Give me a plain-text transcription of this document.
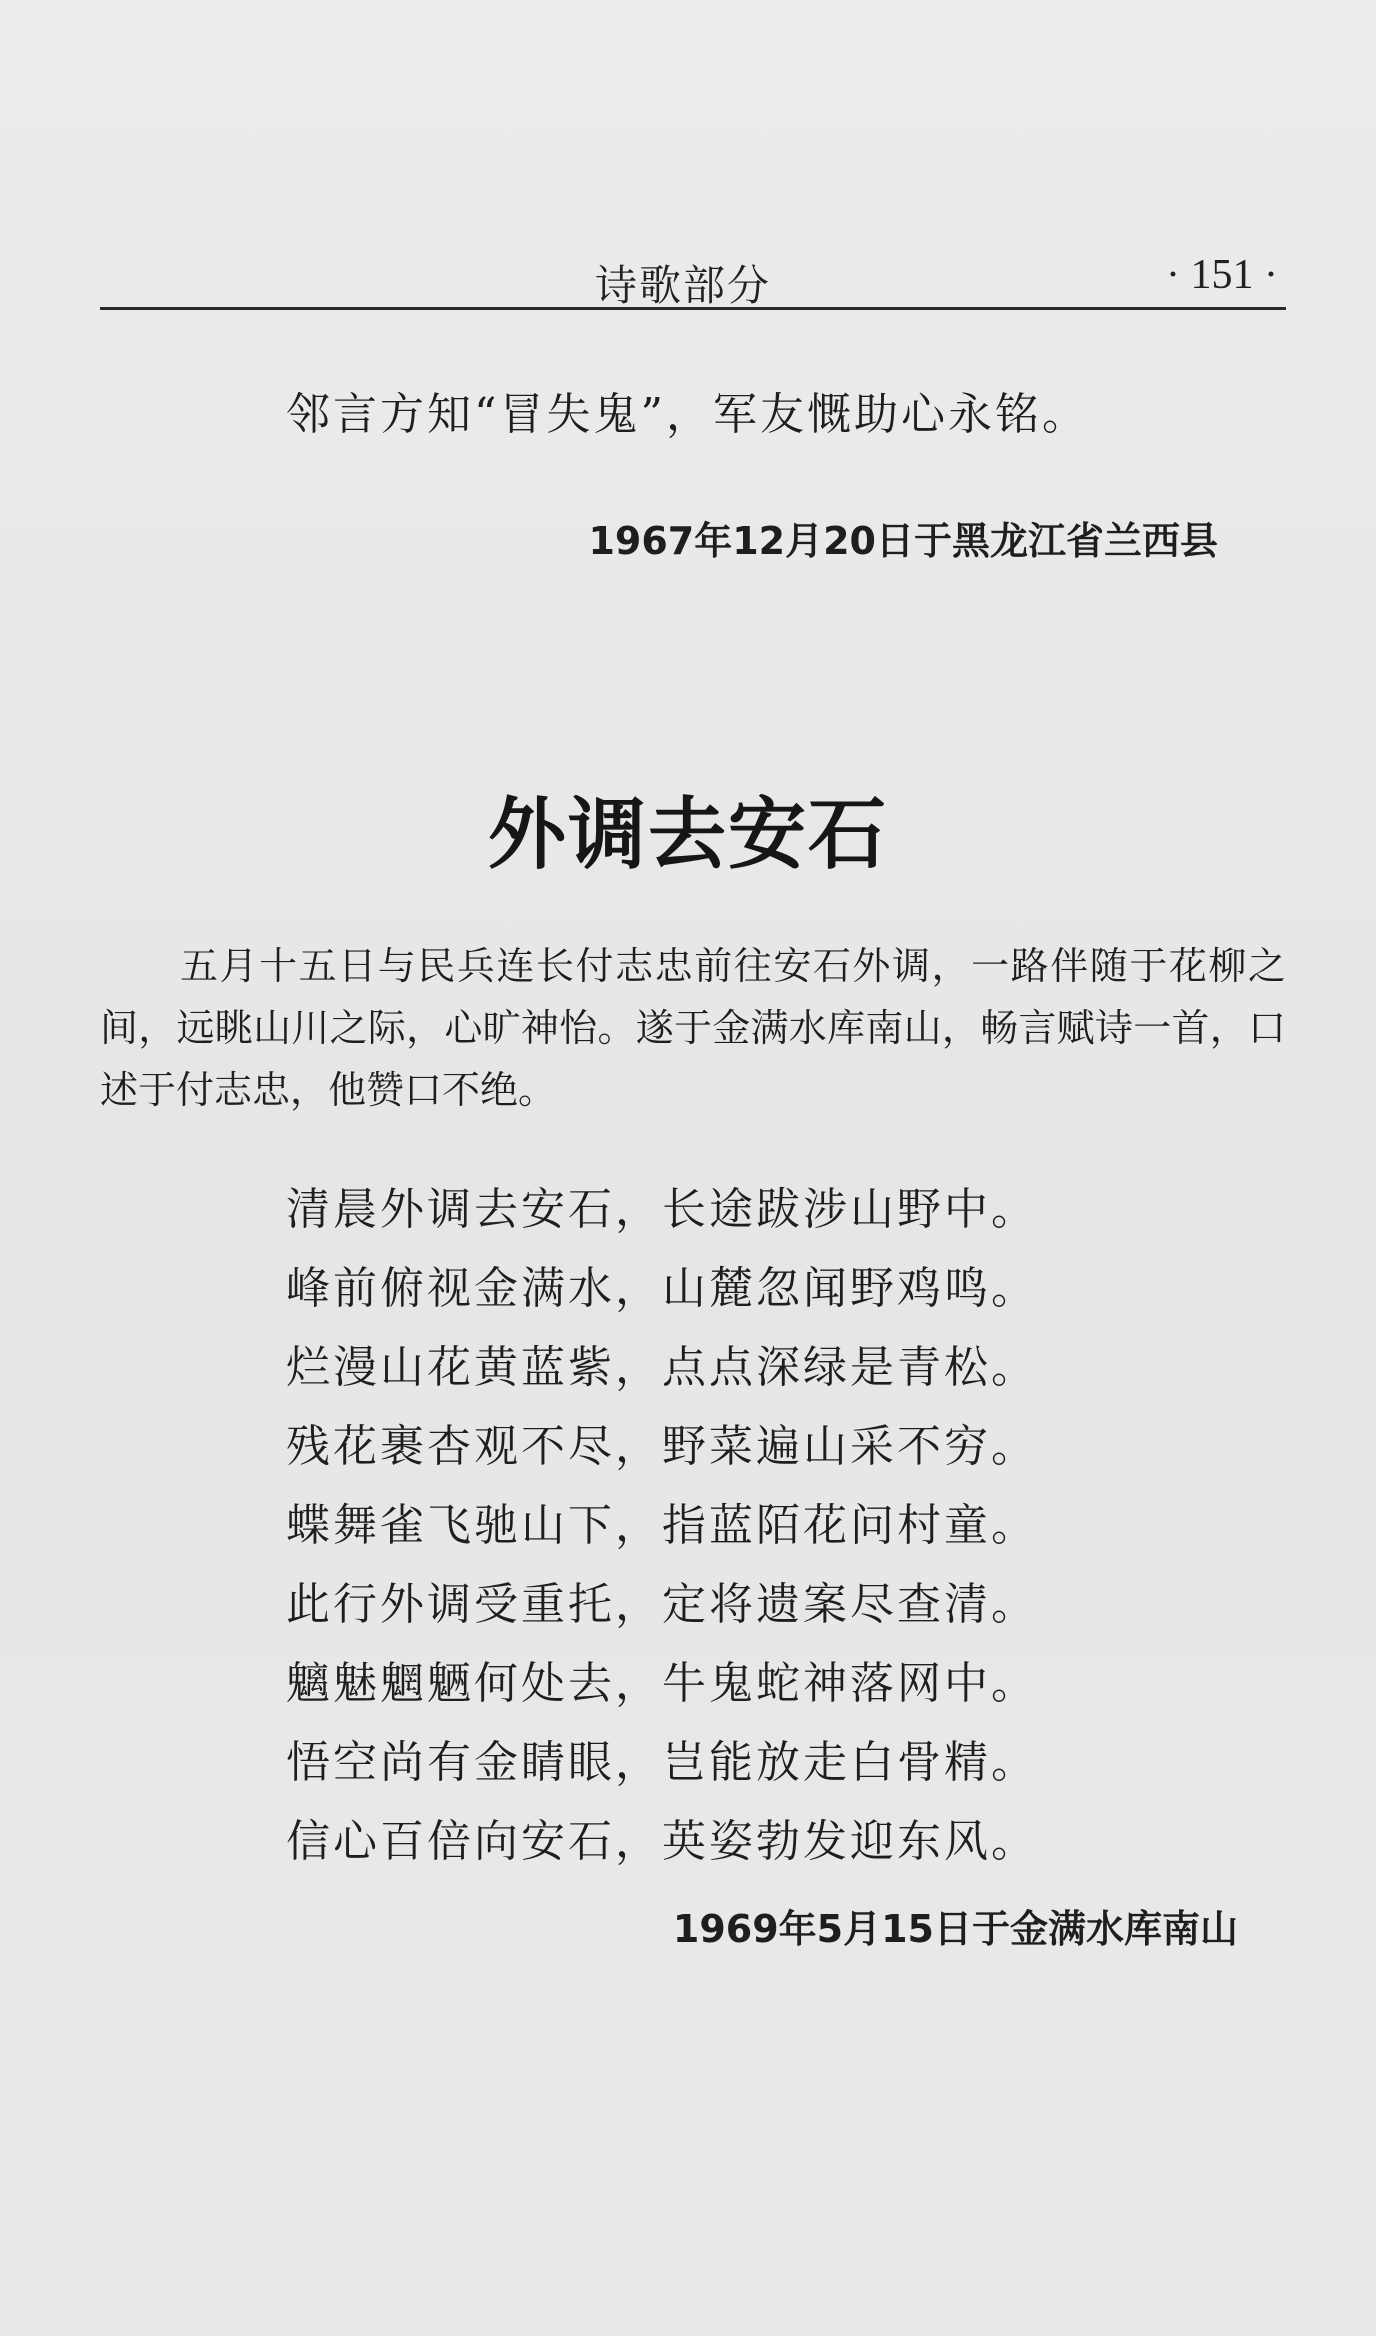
诗歌部分	· 151 ·
邻言方知“冒失鬼”，军友慨助心永铭。
1967年12月20日于黑龙江省兰西县
外调去安石

五月十五日与民兵连长付志忠前往安石外调，一路伴随于花柳之间，远眺山川之际，心旷神怡。遂于金满水库南山，畅言赋诗一首，口述于付志忠，他赞口不绝。

清晨外调去安石，长途跋涉山野中。
峰前俯视金满水，山麓忽闻野鸡鸣。
烂漫山花黄蓝紫，点点深绿是青松。
残花裹杏观不尽，野菜遍山采不穷。
蝶舞雀飞驰山下，指蓝陌花问村童。
此行外调受重托，定将遗案尽查清。
魑魅魍魉何处去，牛鬼蛇神落网中。
悟空尚有金睛眼，岂能放走白骨精。
信心百倍向安石，英姿勃发迎东风。
1969年5月15日于金满水库南山
